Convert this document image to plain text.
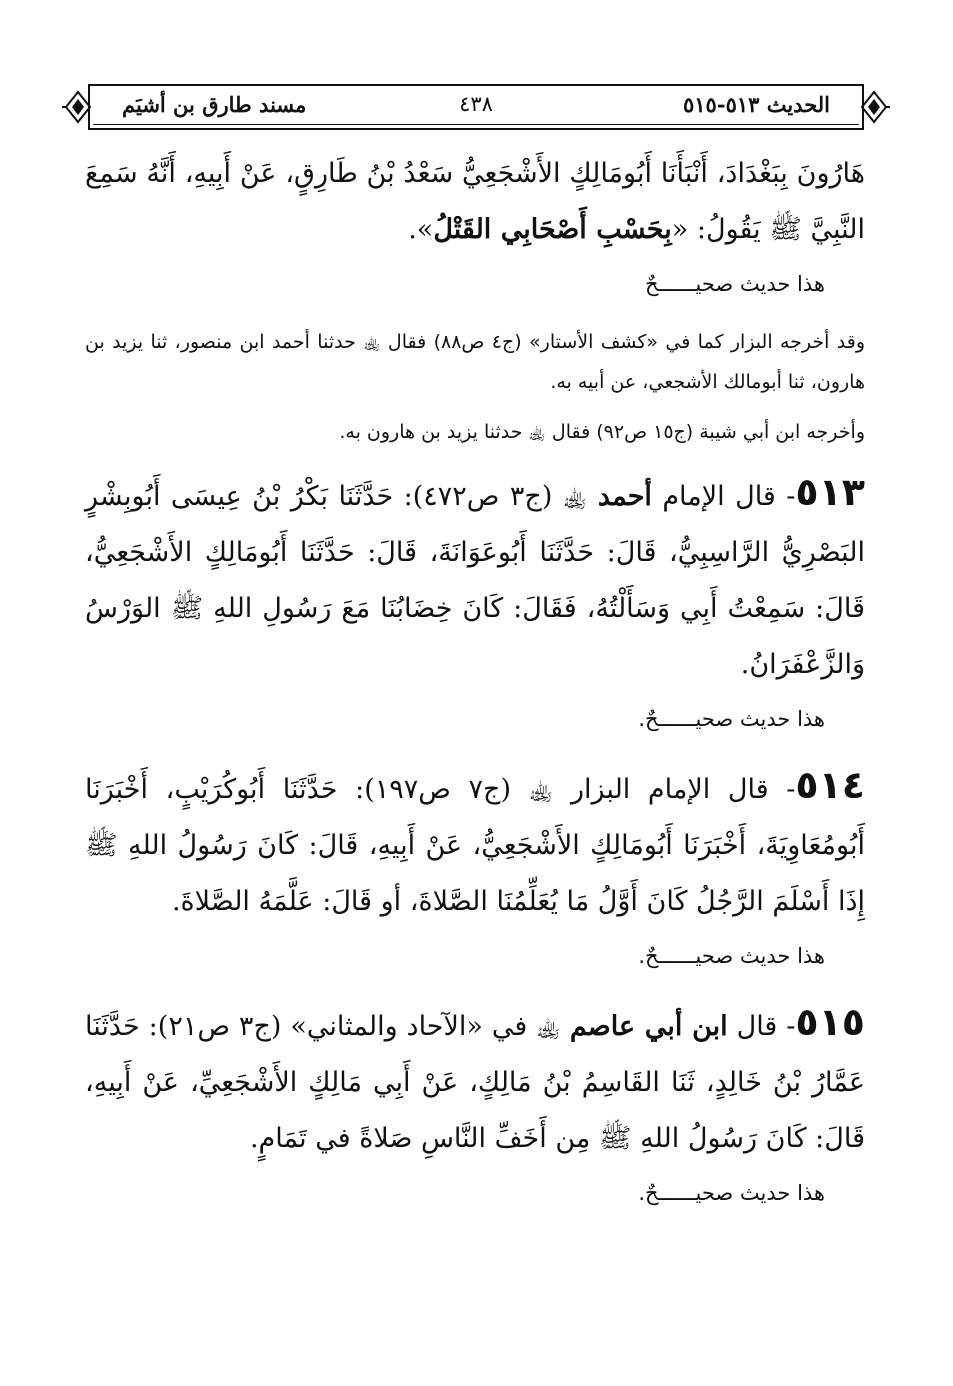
الحديث ٥١٣-٥١٥
٤٣٨
مسند طارق بن أشيَم

هَارُونَ بِبَغْدَادَ، أَنْبَأَنَا أَبُومَالِكٍ الأَشْجَعِيُّ سَعْدُ بْنُ طَارِقٍ، عَنْ أَبِيهِ، أَنَّهُ سَمِعَ النَّبِيَّ ﷺ يَقُولُ: «بِحَسْبِ أَصْحَابِي القَتْلُ».

هذا حديث صحيــــــحٌ

وقد أخرجه البزار كما في «كشف الأستار» (ج٤ ص٨٨) فقال ﵀ حدثنا أحمد ابن منصور، ثنا يزيد بن هارون، ثنا أبومالك الأشجعي، عن أبيه به.

وأخرجه ابن أبي شيبة (ج١٥ ص٩٢) فقال ﵀ حدثنا يزيد بن هارون به.

٥١٣- قال الإمام أحمد ﵀ (ج٣ ص٤٧٢): حَدَّثَنَا بَكْرُ بْنُ عِيسَى أَبُوبِشْرٍ البَصْرِيُّ الرَّاسِبِيُّ، قَالَ: حَدَّثَنَا أَبُوعَوَانَةَ، قَالَ: حَدَّثَنَا أَبُومَالِكٍ الأَشْجَعِيُّ، قَالَ: سَمِعْتُ أَبِي وَسَأَلْتُهُ، فَقَالَ: كَانَ خِضَابُنَا مَعَ رَسُولِ اللهِ ﷺ الوَرْسُ وَالزَّعْفَرَانُ.

هذا حديث صحيــــــحٌ.

٥١٤- قال الإمام البزار ﵀ (ج٧ ص١٩٧): حَدَّثَنَا أَبُوكُرَيْبٍ، أَخْبَرَنَا أَبُومُعَاوِيَةَ، أَخْبَرَنَا أَبُومَالِكٍ الأَشْجَعِيُّ، عَنْ أَبِيهِ، قَالَ: كَانَ رَسُولُ اللهِ ﷺ إِذَا أَسْلَمَ الرَّجُلُ كَانَ أَوَّلُ مَا يُعَلِّمُنَا الصَّلاةَ، أو قَالَ: عَلَّمَهُ الصَّلاةَ.

هذا حديث صحيــــــحٌ.

٥١٥- قال ابن أبي عاصم ﵀ في «الآحاد والمثاني» (ج٣ ص٢١): حَدَّثَنَا عَمَّارُ بْنُ خَالِدٍ، ثَنَا القَاسِمُ بْنُ مَالِكٍ، عَنْ أَبِي مَالِكٍ الأَشْجَعِيِّ، عَنْ أَبِيهِ، قَالَ: كَانَ رَسُولُ اللهِ ﷺ مِن أَخَفِّ النَّاسِ صَلاةً في تَمَامٍ.

هذا حديث صحيــــــحٌ.
